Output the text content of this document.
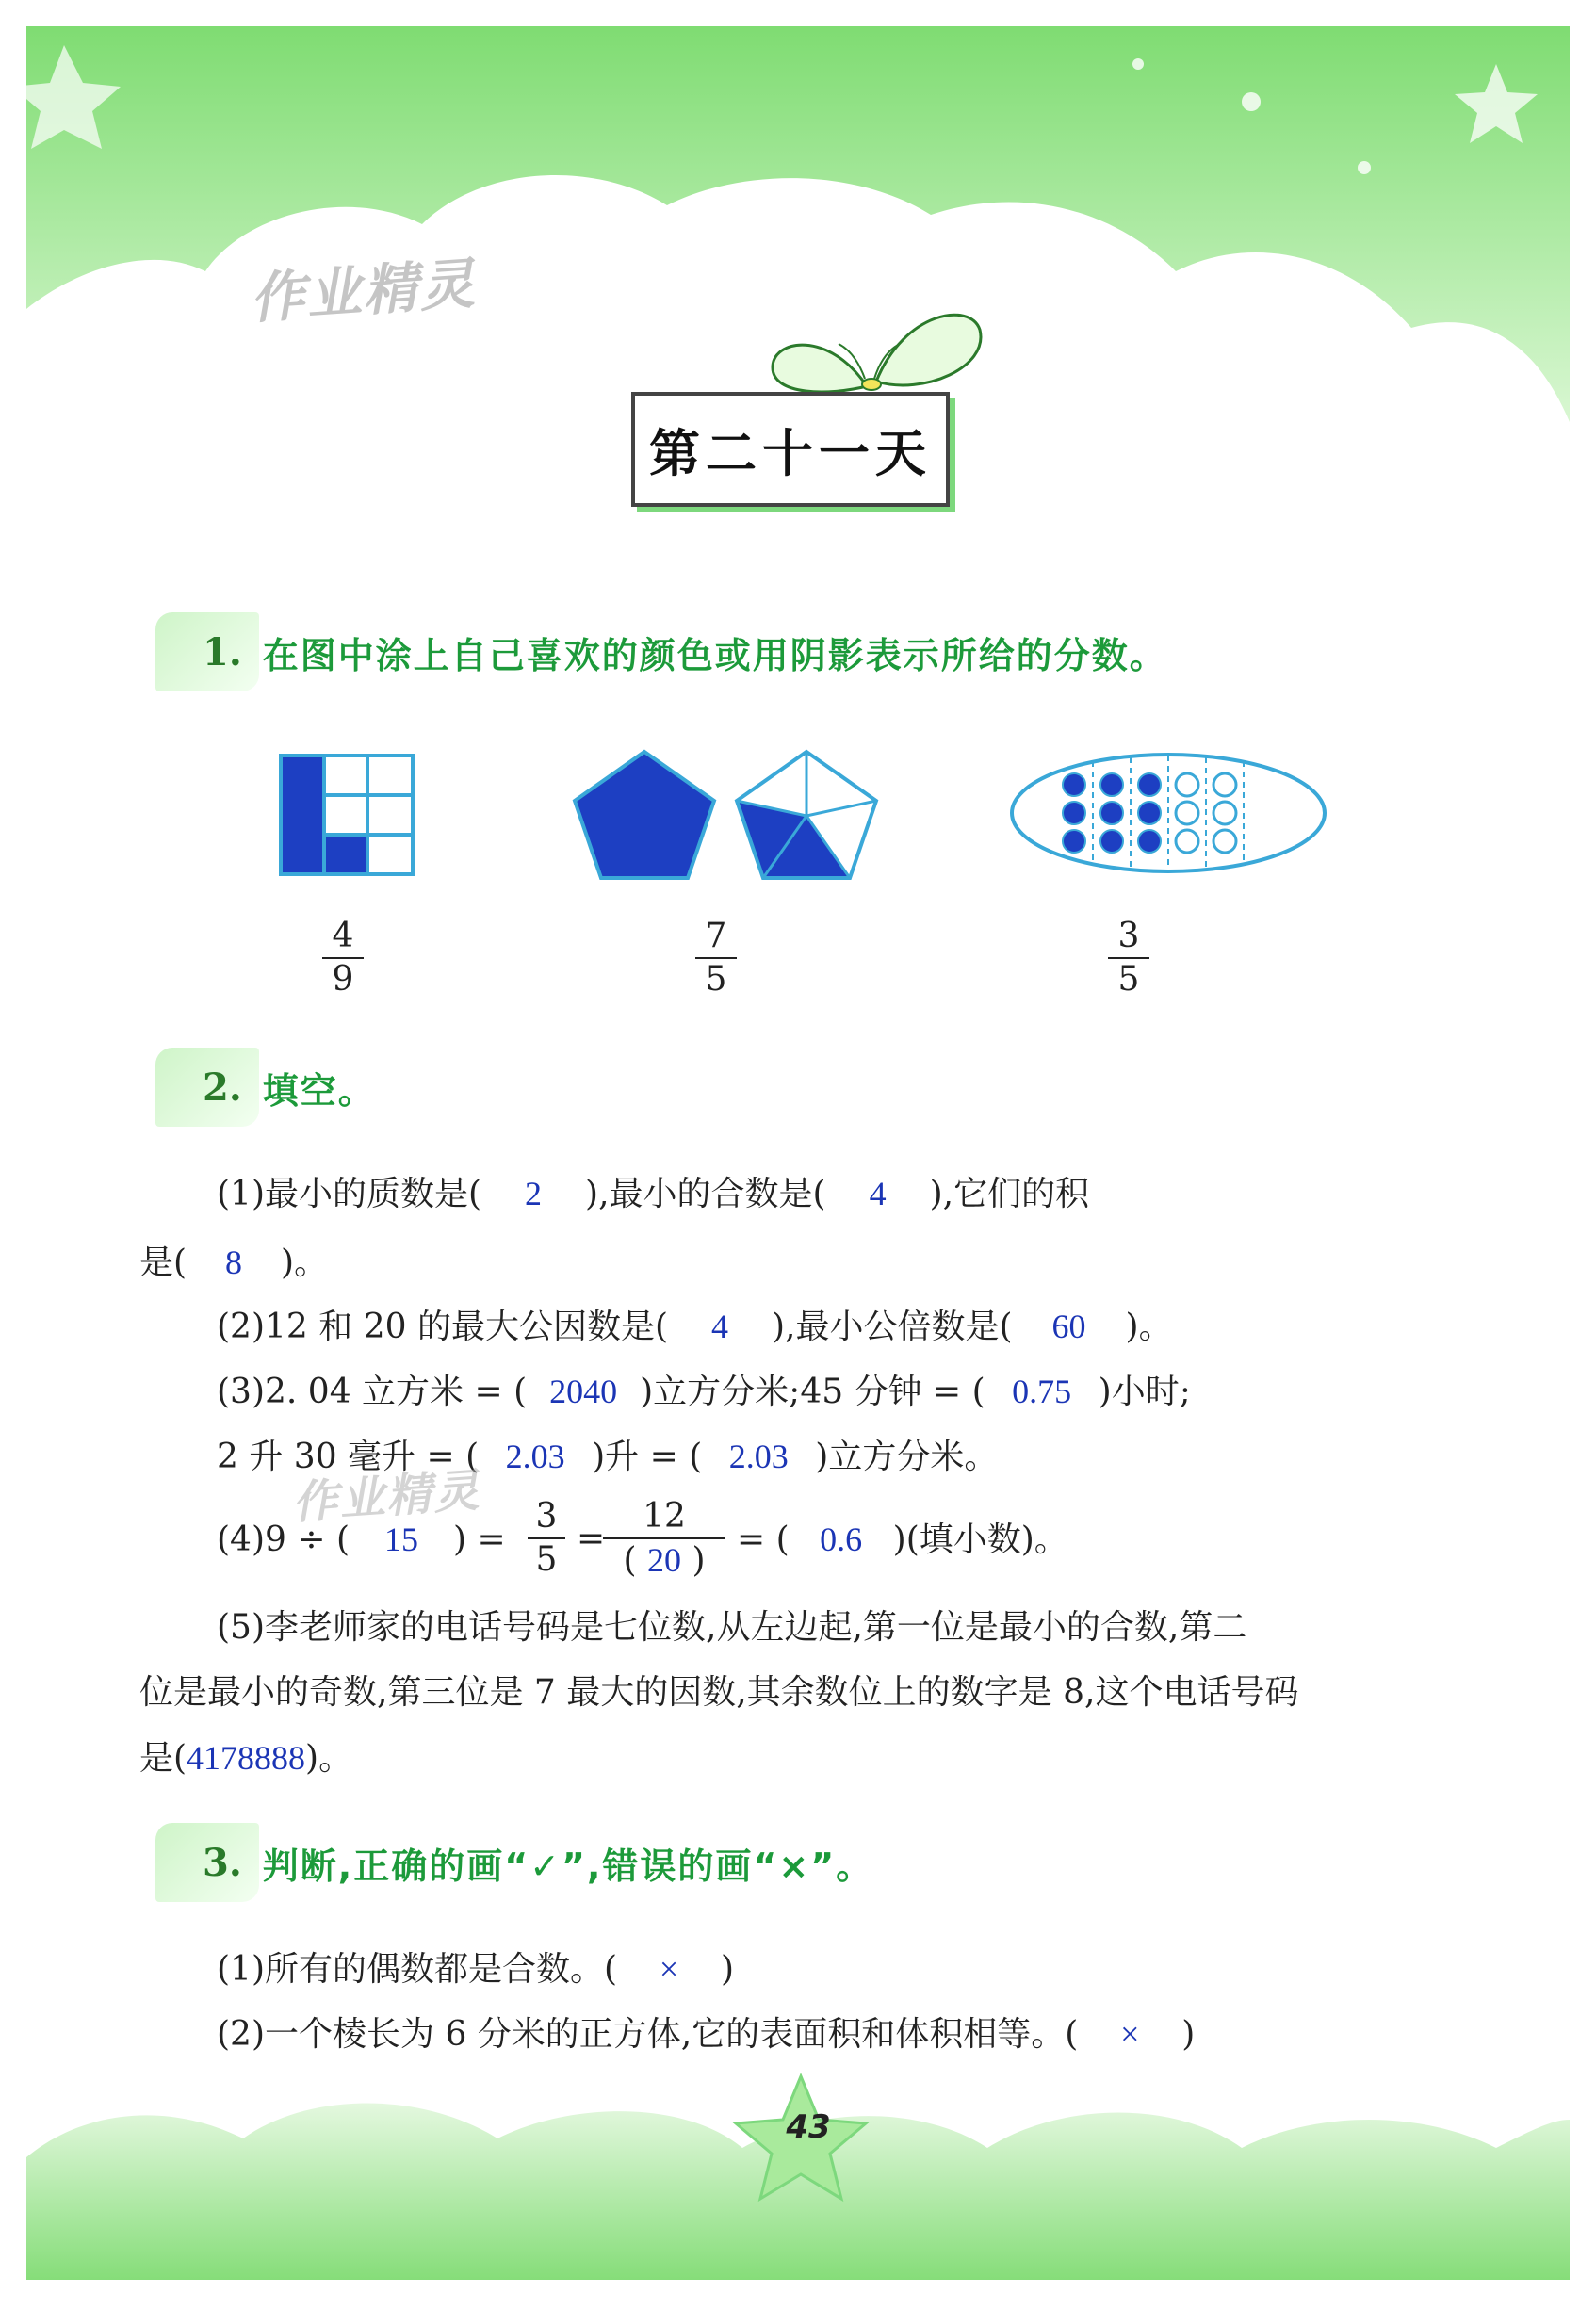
作业精灵
第二十一天
1. 在图中涂上自己喜欢的颜色或用阴影表示所给的分数。
4
9
7
5
3
5
2. 填空。
(1)最小的质数是( 2 ),最小的合数是( 4 ),它们的积
是( 8 )。
(2)12 和 20 的最大公因数是( 4 ),最小公倍数是( 60 )。
(3)2. 04 立方米 = ( 2040 )立方分米;45 分钟 = ( 0.75 )小时;
2 升 30 毫升 = ( 2.03 )升 = ( 2.03 )立方分米。
作业精灵
(4)9 ÷ ( 15 ) =
3
5
=
12
( 20 )
= ( 0.6 )(填小数)。
(5)李老师家的电话号码是七位数,从左边起,第一位是最小的合数,第二
位是最小的奇数,第三位是 7 最大的因数,其余数位上的数字是 8,这个电话号码
是(4178888)。
3. 判断,正确的画“✓”,错误的画“×”。
(1)所有的偶数都是合数。( × )
(2)一个棱长为 6 分米的正方体,它的表面积和体积相等。( × )
43
